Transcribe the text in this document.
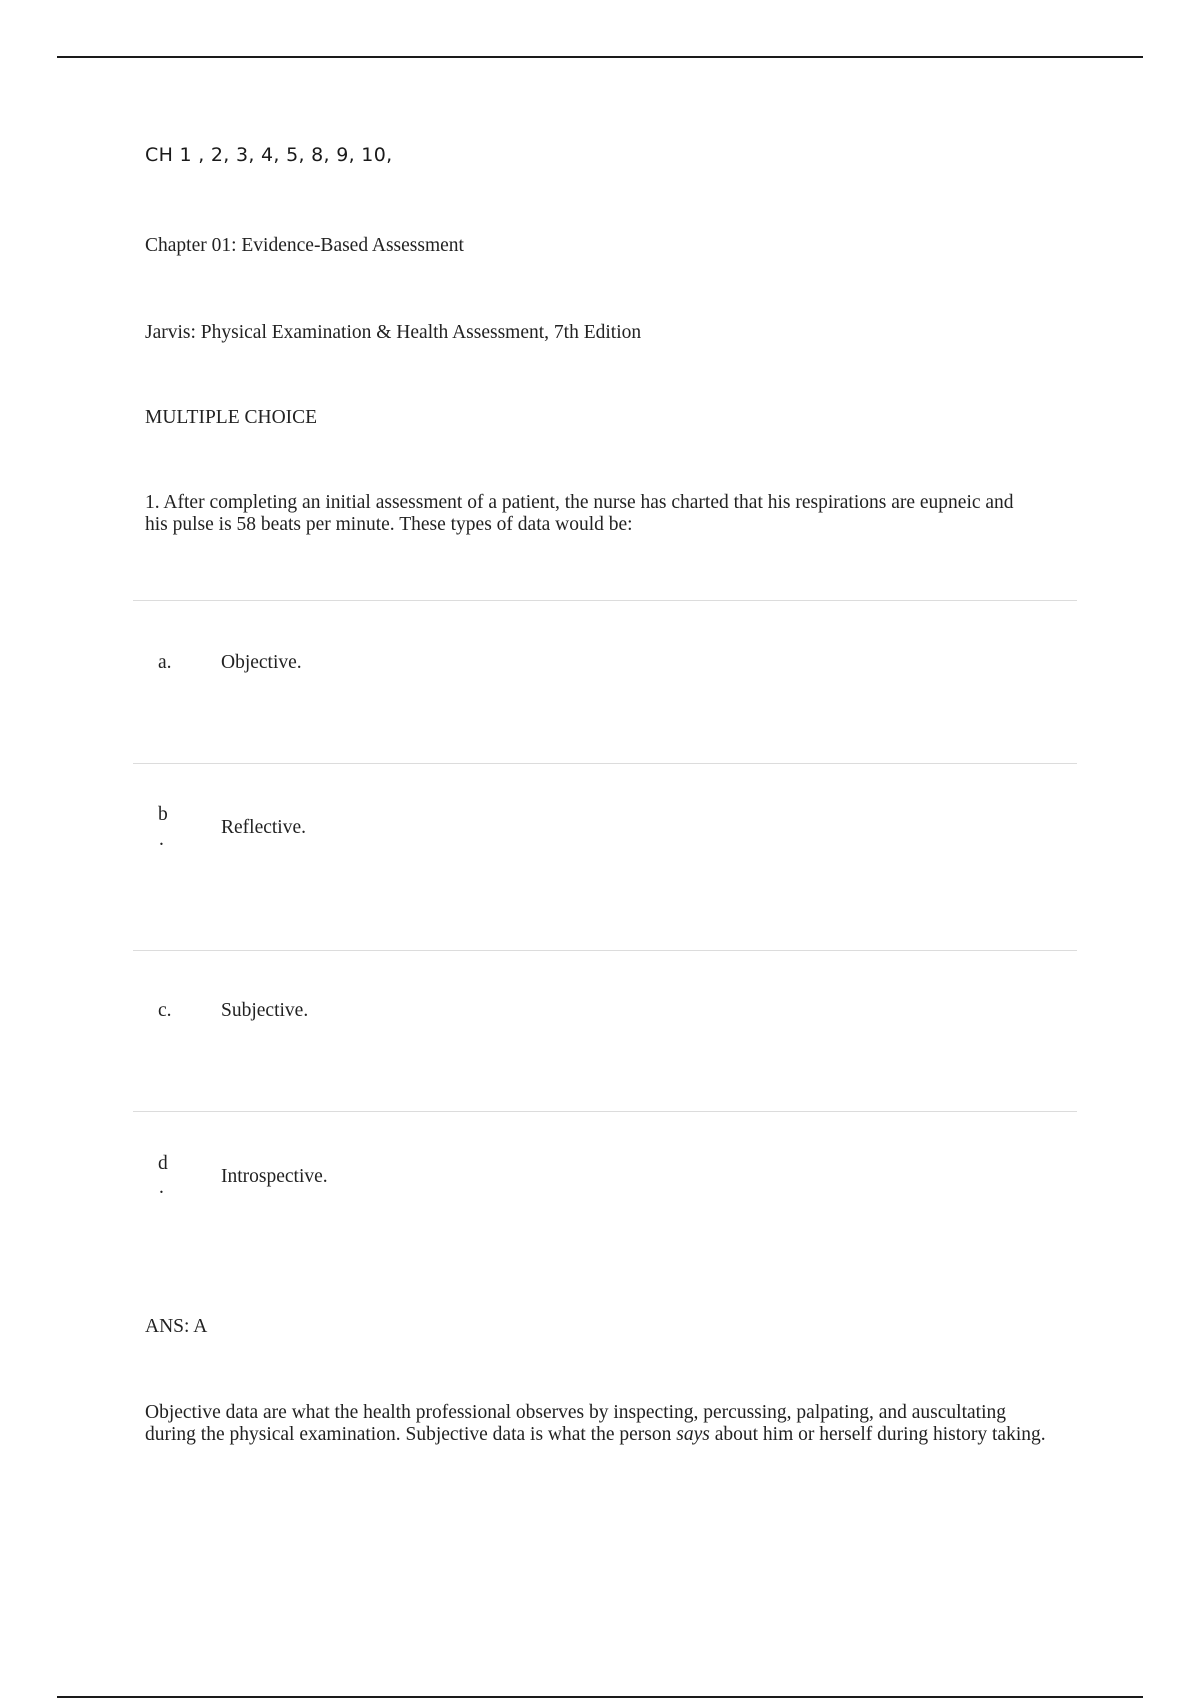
CH 1 , 2, 3, 4, 5, 8, 9, 10,
Chapter 01: Evidence-Based Assessment
Jarvis: Physical Examination & Health Assessment, 7th Edition
MULTIPLE CHOICE
1. After completing an initial assessment of a patient, the nurse has charted that his respirations are eupneic and
his pulse is 58 beats per minute. These types of data would be:
a.	Objective.
b
.
Reflective.
c.	Subjective.
d
.
Introspective.
ANS: A
Objective data are what the health professional observes by inspecting, percussing, palpating, and auscultating
during the physical examination. Subjective data is what the person says about him or herself during history taking.
